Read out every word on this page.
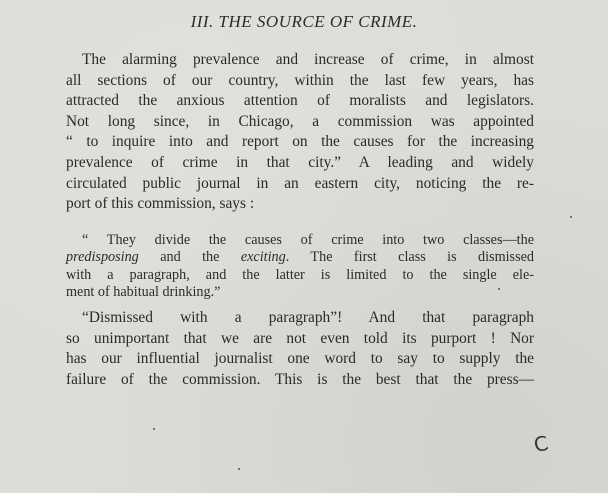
III. THE SOURCE OF CRIME.
The alarming prevalence and increase of crime, in almost
all sections of our country, within the last few years, has
attracted the anxious attention of moralists and legislators.
Not long since, in Chicago, a commission was appointed
“ to inquire into and report on the causes for the increasing
prevalence of crime in that city.” A leading and widely
circulated public journal in an eastern city, noticing the re-
port of this commission, says :
“ They divide the causes of crime into two classes—the
predisposing and the exciting. The first class is dismissed
with a paragraph, and the latter is limited to the single ele-
ment of habitual drinking.”
“Dismissed with a paragraph”! And that paragraph
so unimportant that we are not even told its purport ! Nor
has our influential journalist one word to say to supply the
failure of the commission. This is the best that the press—
C
